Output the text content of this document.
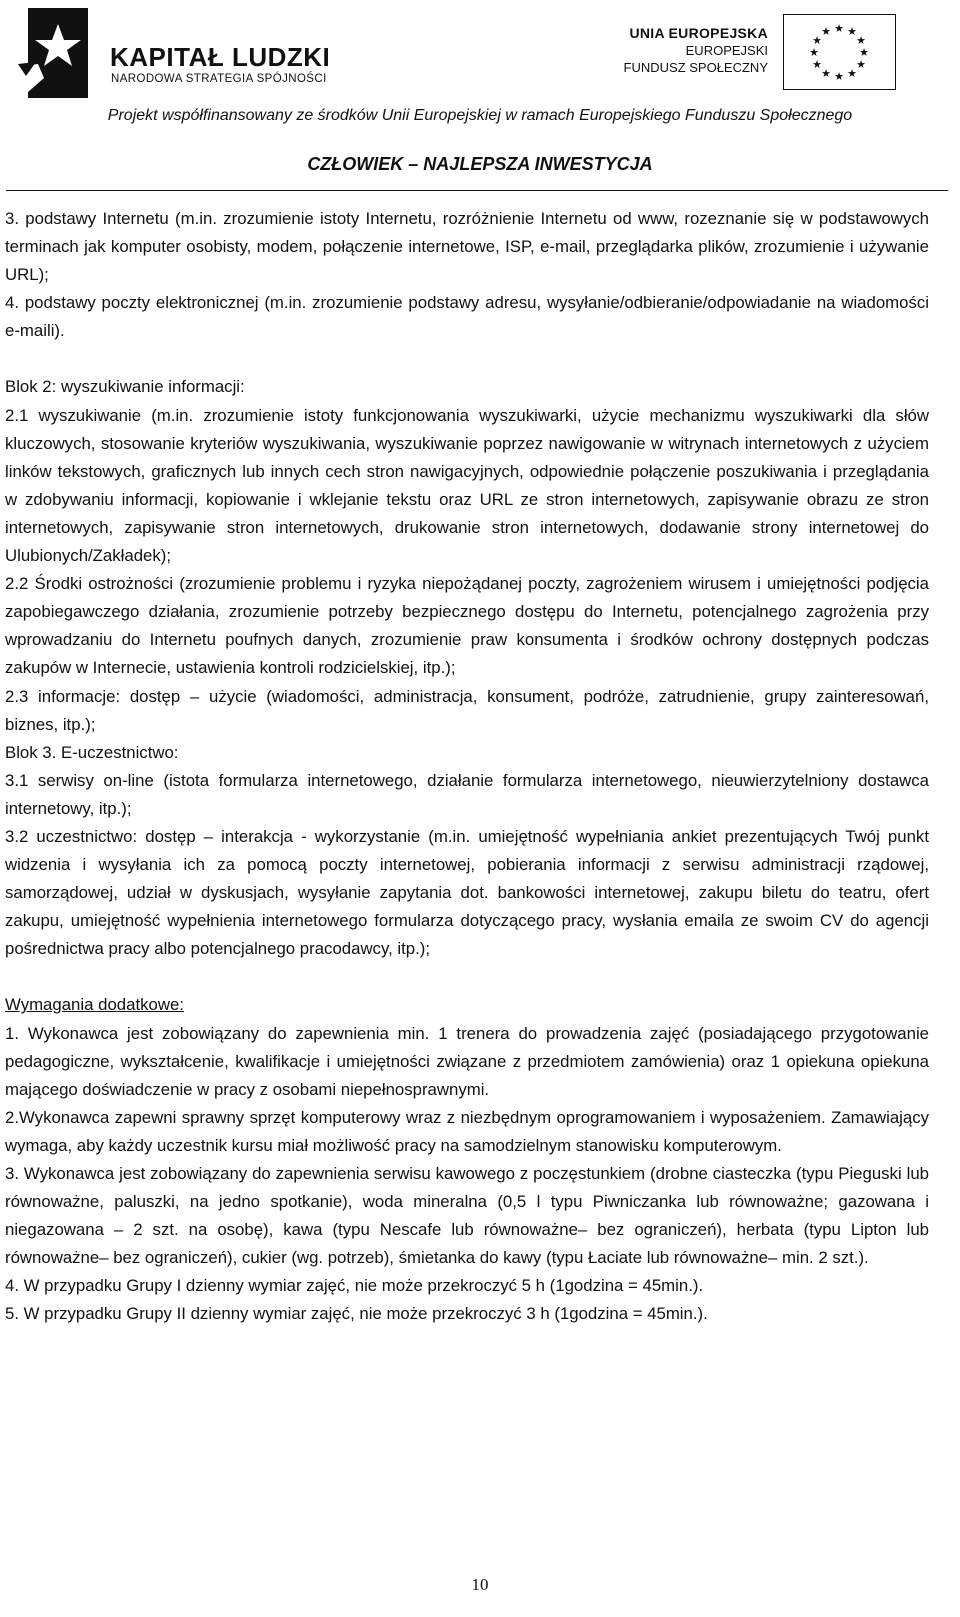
KAPITAŁ LUDZKI
NARODOWA STRATEGIA SPÓJNOŚCI
UNIA EUROPEJSKA
EUROPEJSKI
FUNDUSZ SPOŁECZNY
★ ★
★
★
★
★
★
★
★
★
★
★
Projekt współfinansowany ze środków Unii Europejskiej w ramach Europejskiego Funduszu Społecznego
CZŁOWIEK – NAJLEPSZA INWESTYCJA

3. podstawy Internetu (m.in. zrozumienie istoty Internetu, rozróżnienie Internetu od www, rozeznanie się w podstawowych terminach jak komputer osobisty, modem, połączenie internetowe, ISP, e-mail, przeglądarka plików, zrozumienie i używanie URL);

4. podstawy poczty elektronicznej (m.in. zrozumienie podstawy adresu, wysyłanie/odbieranie/odpowiadanie na wiadomości e-maili).

Blok 2: wyszukiwanie informacji:

2.1 wyszukiwanie (m.in. zrozumienie istoty funkcjonowania wyszukiwarki, użycie mechanizmu wyszukiwarki dla słów kluczowych, stosowanie kryteriów wyszukiwania, wyszukiwanie poprzez nawigowanie w witrynach internetowych z użyciem linków tekstowych, graficznych lub innych cech stron nawigacyjnych, odpowiednie połączenie poszukiwania i przeglądania w zdobywaniu informacji, kopiowanie i wklejanie tekstu oraz URL ze stron internetowych, zapisywanie obrazu ze stron internetowych, zapisywanie stron internetowych, drukowanie stron internetowych, dodawanie strony internetowej do Ulubionych/Zakładek);

2.2 Środki ostrożności (zrozumienie problemu i ryzyka niepożądanej poczty, zagrożeniem wirusem i umiejętności podjęcia zapobiegawczego działania, zrozumienie potrzeby bezpiecznego dostępu do Internetu, potencjalnego zagrożenia przy wprowadzaniu do Internetu poufnych danych, zrozumienie praw konsumenta i środków ochrony dostępnych podczas zakupów w Internecie, ustawienia kontroli rodzicielskiej, itp.);

2.3 informacje: dostęp – użycie (wiadomości, administracja, konsument, podróże, zatrudnienie, grupy zainteresowań, biznes, itp.);

Blok 3. E-uczestnictwo:

3.1 serwisy on-line (istota formularza internetowego, działanie formularza internetowego, nieuwierzytelniony dostawca internetowy, itp.);

3.2 uczestnictwo: dostęp – interakcja - wykorzystanie (m.in. umiejętność wypełniania ankiet prezentujących Twój punkt widzenia i wysyłania ich za pomocą poczty internetowej, pobierania informacji z serwisu administracji rządowej, samorządowej, udział w dyskusjach, wysyłanie zapytania dot. bankowości internetowej, zakupu biletu do teatru, ofert zakupu, umiejętność wypełnienia internetowego formularza dotyczącego pracy, wysłania emaila ze swoim CV do agencji pośrednictwa pracy albo potencjalnego pracodawcy, itp.);

Wymagania dodatkowe:

1. Wykonawca jest zobowiązany do zapewnienia min. 1 trenera do prowadzenia zajęć (posiadającego przygotowanie pedagogiczne, wykształcenie, kwalifikacje i umiejętności związane z przedmiotem zamówienia) oraz 1 opiekuna opiekuna mającego doświadczenie w pracy z osobami niepełnosprawnymi.

2.Wykonawca zapewni sprawny sprzęt komputerowy wraz z niezbędnym oprogramowaniem i wyposażeniem. Zamawiający wymaga, aby każdy uczestnik kursu miał możliwość pracy na samodzielnym stanowisku komputerowym.

3. Wykonawca jest zobowiązany do zapewnienia serwisu kawowego z poczęstunkiem (drobne ciasteczka (typu Pieguski lub równoważne, paluszki, na jedno spotkanie), woda mineralna (0,5 l typu Piwniczanka lub równoważne; gazowana i niegazowana – 2 szt. na osobę), kawa (typu Nescafe lub równoważne– bez ograniczeń), herbata (typu Lipton lub równoważne– bez ograniczeń), cukier (wg. potrzeb), śmietanka do kawy (typu Łaciate lub równoważne– min. 2 szt.).

4. W przypadku Grupy I dzienny wymiar zajęć, nie może przekroczyć 5 h (1godzina = 45min.).

5. W przypadku Grupy II dzienny wymiar zajęć, nie może przekroczyć 3 h (1godzina = 45min.).

10
